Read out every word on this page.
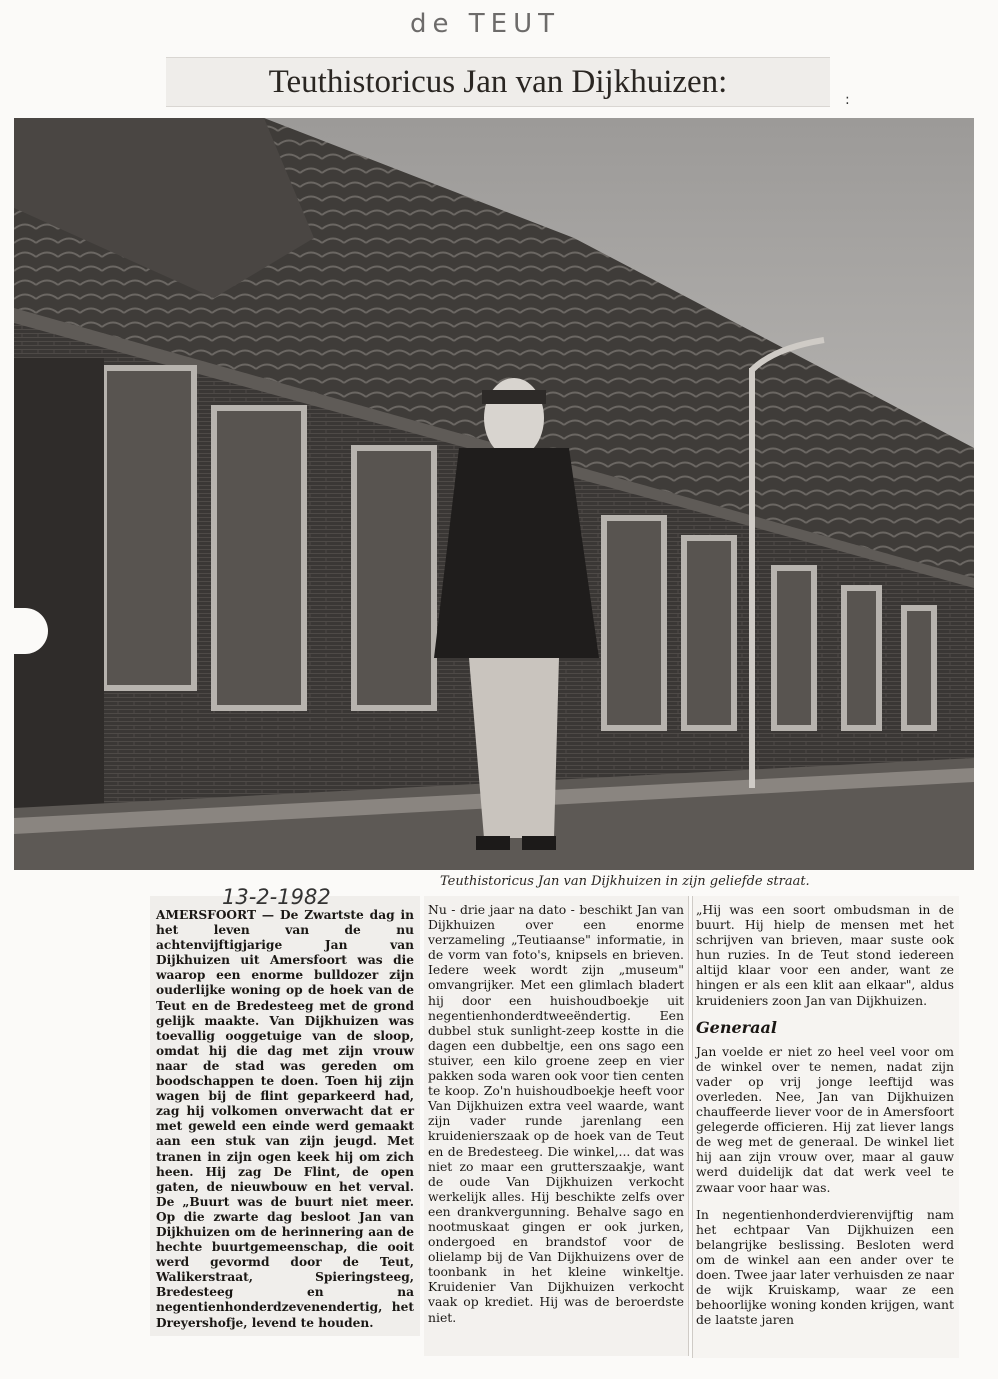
de TEUT
Teuthistoricus Jan van Dijkhuizen:	:
Teuthistoricus Jan van Dijkhuizen in zijn geliefde straat.
13-2-1982

AMERSFOORT — De Zwartste dag in het leven van de nu achtenvijftigjarige Jan van Dijkhuizen uit Amersfoort was die waarop een enorme bulldozer zijn ouderlijke woning op de hoek van de Teut en de Bredesteeg met de grond gelijk maakte. Van Dijkhuizen was toevallig ooggetuige van de sloop, omdat hij die dag met zijn vrouw naar de stad was gereden om boodschappen te doen. Toen hij zijn wagen bij de flint geparkeerd had, zag hij volkomen onverwacht dat er met geweld een einde werd gemaakt aan een stuk van zijn jeugd. Met tranen in zijn ogen keek hij om zich heen. Hij zag De Flint, de open gaten, de nieuwbouw en het verval. De „Buurt was de buurt niet meer. Op die zwarte dag besloot Jan van Dijkhuizen om de herinnering aan de hechte buurtgemeenschap, die ooit werd gevormd door de Teut, Walikerstraat, Spieringsteeg, Bredesteeg en na negentienhonderdzevenendertig, het Dreyershofje, levend te houden.

Nu - drie jaar na dato - beschikt Jan van Dijkhuizen over een enorme verzameling „Teutiaanse" informatie, in de vorm van foto's, knipsels en brieven. Iedere week wordt zijn „museum" omvangrijker. Met een glimlach bladert hij door een huishoudboekje uit negentienhonderdtweeëndertig. Een dubbel stuk sunlight-zeep kostte in die dagen een dubbeltje, een ons sago een stuiver, een kilo groene zeep en vier pakken soda waren ook voor tien centen te koop. Zo'n huishoudboekje heeft voor Van Dijkhuizen extra veel waarde, want zijn vader runde jarenlang een kruidenierszaak op de hoek van de Teut en de Bredesteeg. Die winkel,... dat was niet zo maar een grutterszaakje, want de oude Van Dijkhuizen verkocht werkelijk alles. Hij beschikte zelfs over een drankvergunning. Behalve sago en nootmuskaat gingen er ook jurken, ondergoed en brandstof voor de olielamp bij de Van Dijkhuizens over de toonbank in het kleine winkeltje. Kruidenier Van Dijkhuizen verkocht vaak op krediet. Hij was de beroerdste niet.

„Hij was een soort ombudsman in de buurt. Hij hielp de mensen met het schrijven van brieven, maar suste ook hun ruzies. In de Teut stond iedereen altijd klaar voor een ander, want ze hingen er als een klit aan elkaar", aldus kruideniers zoon Jan van Dijkhuizen.

Generaal

Jan voelde er niet zo heel veel voor om de winkel over te nemen, nadat zijn vader op vrij jonge leeftijd was overleden. Nee, Jan van Dijkhuizen chauffeerde liever voor de in Amersfoort gelegerde officieren. Hij zat liever langs de weg met de generaal. De winkel liet hij aan zijn vrouw over, maar al gauw werd duidelijk dat dat werk veel te zwaar voor haar was.

In negentienhonderdvierenvijftig nam het echtpaar Van Dijkhuizen een belangrijke beslissing. Besloten werd om de winkel aan een ander over te doen. Twee jaar later verhuisden ze naar de wijk Kruiskamp, waar ze een behoorlijke woning konden krijgen, want de laatste jaren
